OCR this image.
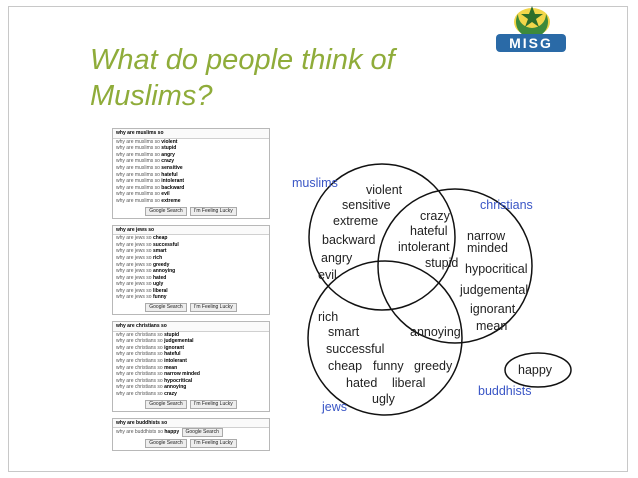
What do people think of Muslims?
MISG
why are muslims so
why are muslims so violent
why are muslims so stupid
why are muslims so angry
why are muslims so crazy
why are muslims so sensitive
why are muslims so hateful
why are muslims so intolerant
why are muslims so backward
why are muslims so evil
why are muslims so extreme
Google Search I'm Feeling Lucky
why are jews so
why are jews so cheap
why are jews so successful
why are jews so smart
why are jews so rich
why are jews so greedy
why are jews so annoying
why are jews so hated
why are jews so ugly
why are jews so liberal
why are jews so funny
Google Search I'm Feeling Lucky
why are christians so
why are christians so stupid
why are christians so judgemental
why are christians so ignorant
why are christians so hateful
why are christians so intolerant
why are christians so mean
why are christians so narrow minded
why are christians so hypocritical
why are christians so annoying
why are christians so crazy
Google Search I'm Feeling Lucky
why are buddhists so
why are buddhists so happy Google Search
Google Search I'm Feeling Lucky
muslims
christians
jews
buddhists
violent
sensitive
extreme
backward
angry
evil
crazy
hateful
intolerant
stupid
narrow
minded
hypocritical
judgemental
ignorant
mean
rich
smart	annoying
successful
cheap funny greedy
hated liberal
ugly
happy
